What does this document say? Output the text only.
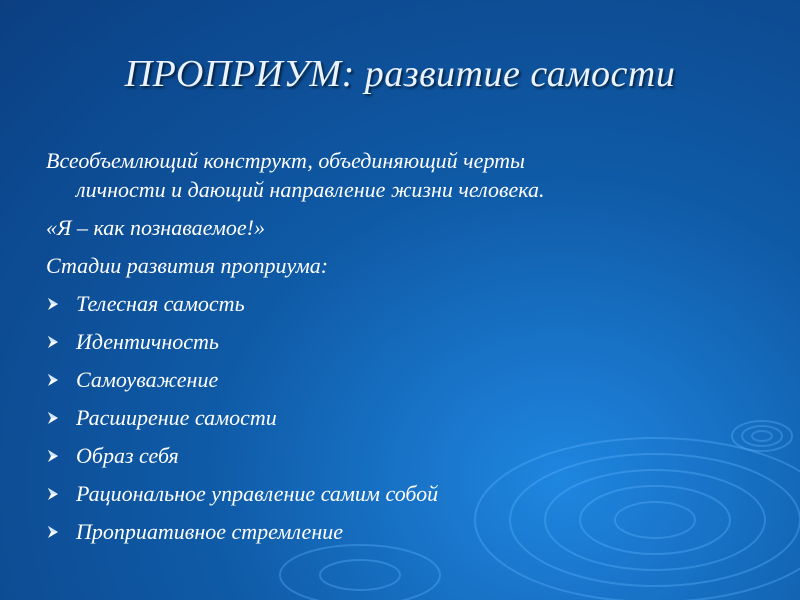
ПРОПРИУМ: развитие самости
Всеобъемлющий конструкт, объединяющий черты
личности и дающий направление жизни человека.
«Я – как познаваемое!»
Стадии развития проприума:
Телесная самость
Идентичность
Самоуважение
Расширение самости
Образ себя
Рациональное управление самим собой
Проприативное стремление
